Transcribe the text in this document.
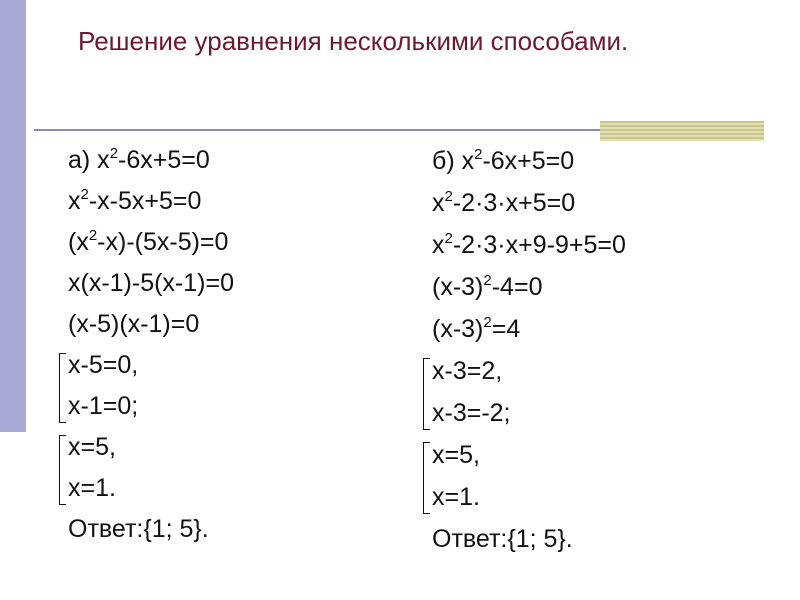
Решение уравнения несколькими способами.
а) $х^2-6х+5=0$
$х^2-х-5х+5=0$
$(х^2-х)-(5х-5)=0$
х(х-1)-5(х-1)=0
(х-5)(х-1)=0
х-5=0,
х-1=0;
х=5,
х=1.
Ответ:{1; 5}.
б) $х^2-6х+5=0$
$х^2-2\cdot 3\cdot х+5=0$
$х^2-2\cdot 3\cdot х+9-9+5=0$
$(х-3)^2-4=0$
$(х-3)^2=4$
х-3=2,
х-3=-2;
х=5,
х=1.
Ответ:{1; 5}.
